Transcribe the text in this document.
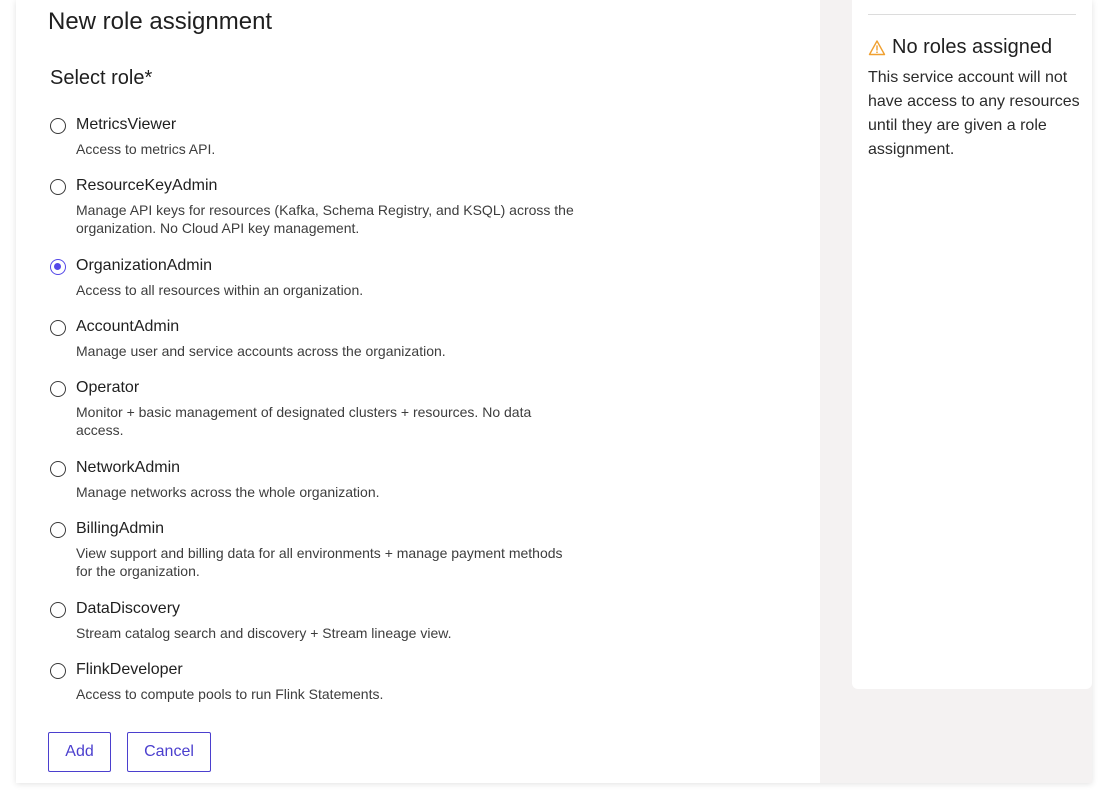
New role assignment
Select role*
MetricsViewer
Access to metrics API.
ResourceKeyAdmin
Manage API keys for resources (Kafka, Schema Registry, and KSQL) across the organization. No Cloud API key management.
OrganizationAdmin
Access to all resources within an organization.
AccountAdmin
Manage user and service accounts across the organization.
Operator
Monitor + basic management of designated clusters + resources. No data access.
NetworkAdmin
Manage networks across the whole organization.
BillingAdmin
View support and billing data for all environments + manage payment methods for the organization.
DataDiscovery
Stream catalog search and discovery + Stream lineage view.
FlinkDeveloper
Access to compute pools to run Flink Statements.
Add	Cancel
No roles assigned
This service account will not have access to any resources until they are given a role assignment.
